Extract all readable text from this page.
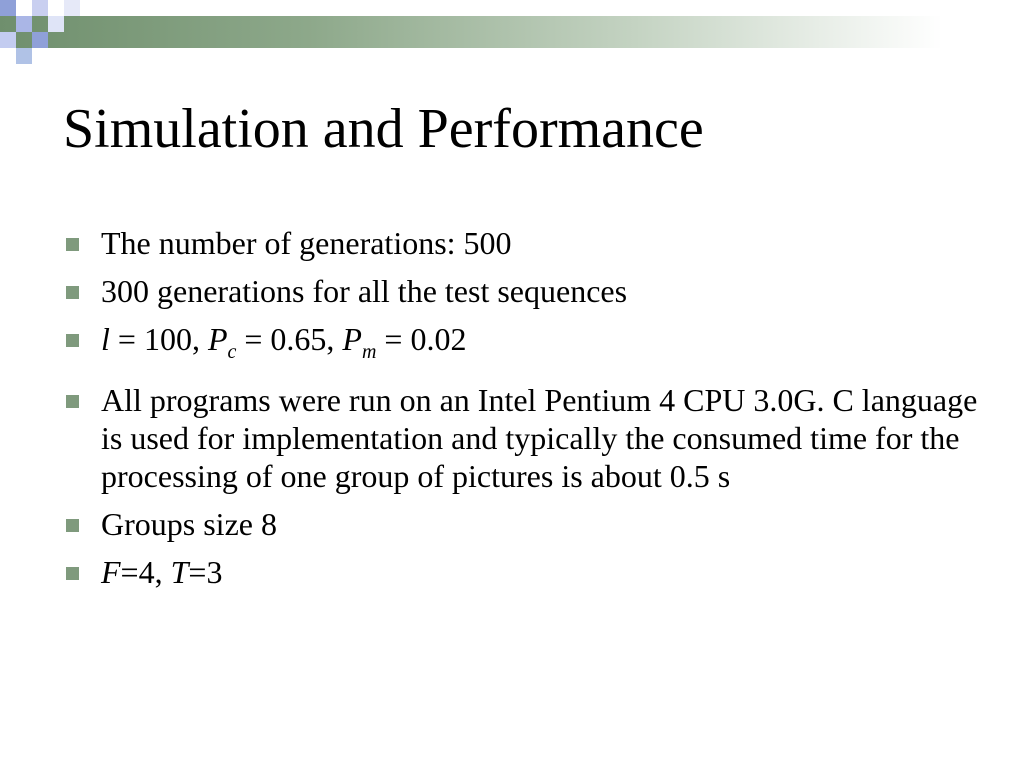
Simulation and Performance
The number of generations: 500
300 generations for all the test sequences
l = 100, $P_c = 0.65$, $P_m = 0.02$
All programs were run on an Intel Pentium 4 CPU 3.0G. C language is used for implementation and typically the consumed time for the processing of one group of pictures is about 0.5 s
Groups size 8
F=4, T=3
